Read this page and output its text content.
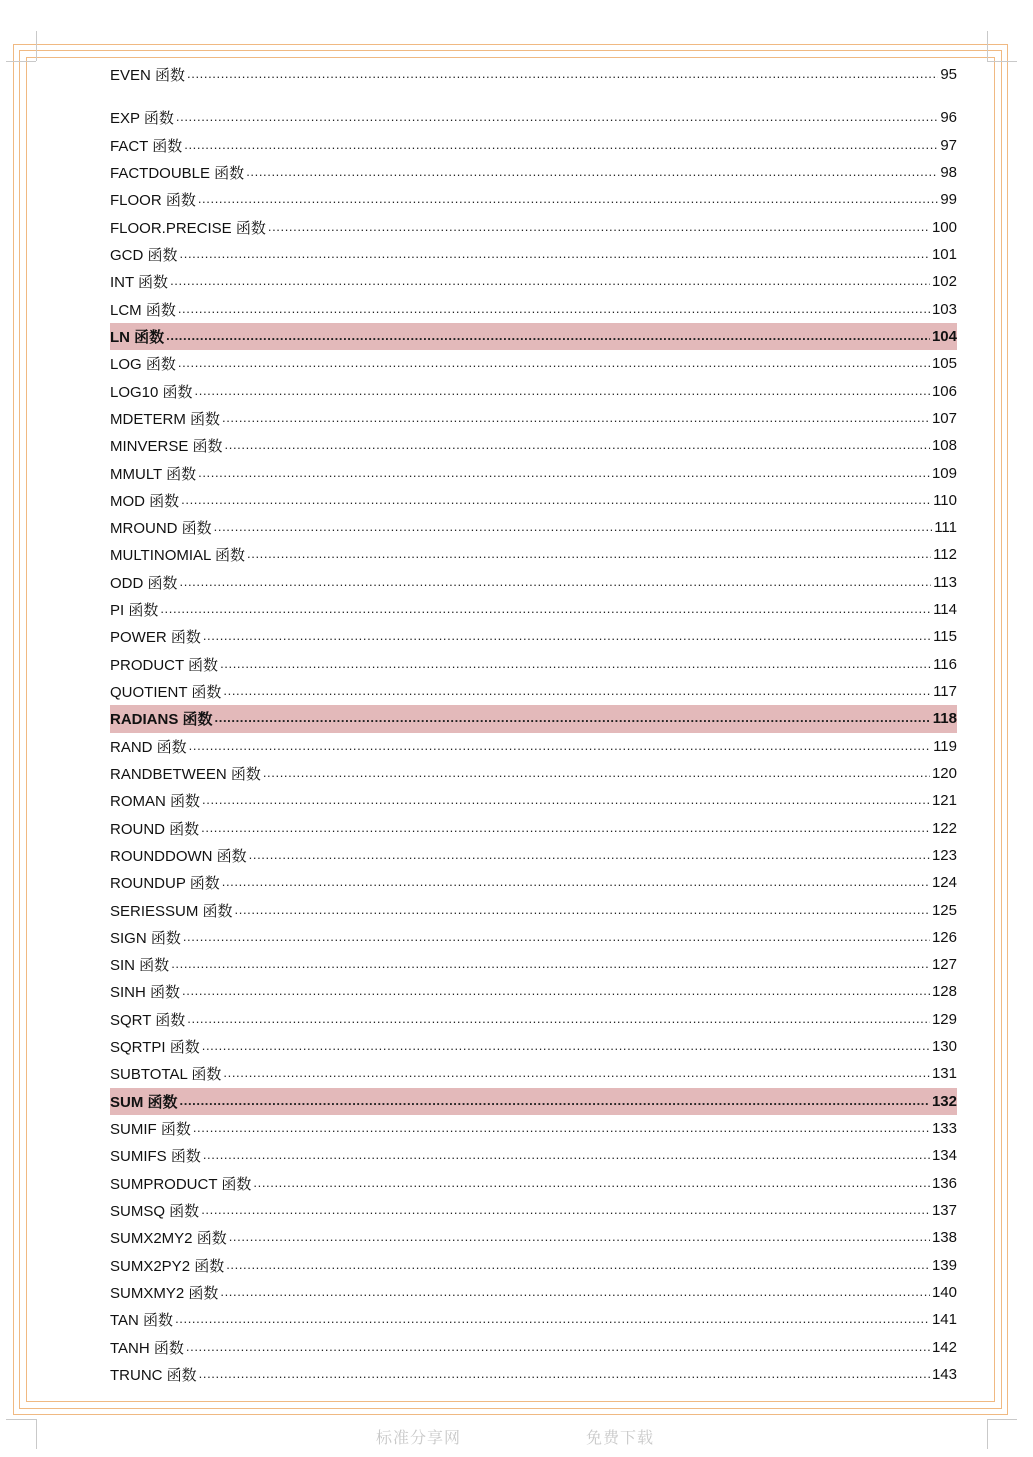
EVEN 函数 .....	95
EXP 函数 .....	96
FACT 函数 .....	97
FACTDOUBLE 函数 .....	98
FLOOR 函数 .....	99
FLOOR.PRECISE 函数 .....	100
GCD 函数 .....	101
INT 函数 .....	102
LCM 函数 .....	103
LN 函数 .....	104
LOG 函数 .....	105
LOG10 函数 .....	106
MDETERM 函数 .....	107
MINVERSE 函数 .....	108
MMULT 函数 .....	109
MOD 函数 .....	110
MROUND 函数 .....	111
MULTINOMIAL 函数 .....	112
ODD 函数 .....	113
PI 函数 .....	114
POWER 函数 .....	115
PRODUCT 函数 .....	116
QUOTIENT 函数 .....	117
RADIANS 函数 .....	118
RAND 函数 .....	119
RANDBETWEEN 函数 .....	120
ROMAN 函数 .....	121
ROUND 函数 .....	122
ROUNDDOWN 函数 .....	123
ROUNDUP 函数 .....	124
SERIESSUM 函数 .....	125
SIGN 函数 .....	126
SIN 函数 .....	127
SINH 函数 .....	128
SQRT 函数 .....	129
SQRTPI 函数 .....	130
SUBTOTAL 函数 .....	131
SUM 函数 .....	132
SUMIF 函数 .....	133
SUMIFS 函数 .....	134
SUMPRODUCT 函数 .....	136
SUMSQ 函数 .....	137
SUMX2MY2 函数 .....	138
SUMX2PY2 函数 .....	139
SUMXMY2 函数 .....	140
TAN 函数 .....	141
TANH 函数 .....	142
TRUNC 函数 .....	143
标准分享网	免费下载
